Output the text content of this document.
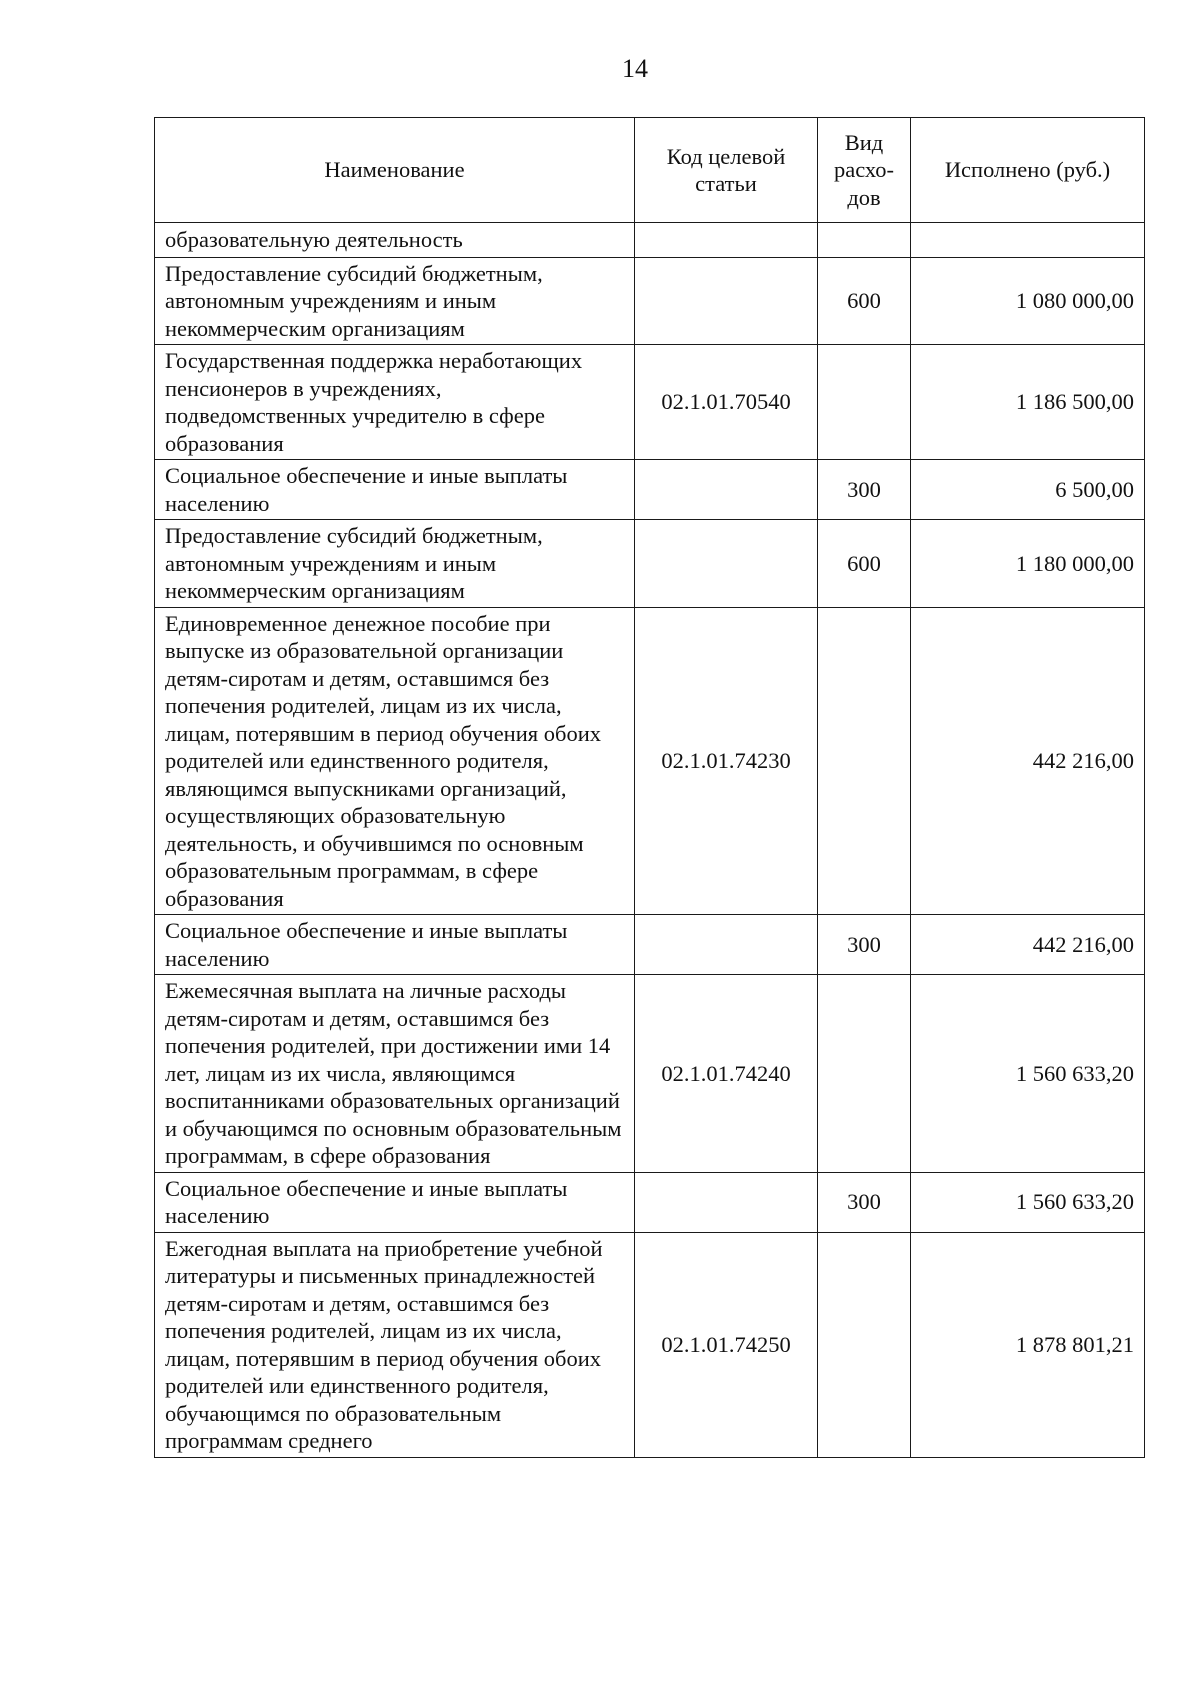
14
Наименование	Код целевой статьи	Вид расхо-дов	Исполнено (руб.)
образовательную деятельность			
Предоставление субсидий бюджетным, автономным учреждениям и иным некоммерческим организациям		600	1 080 000,00
Государственная поддержка неработающих пенсионеров в учреждениях, подведомственных учредителю в сфере образования	02.1.01.70540		1 186 500,00
Социальное обеспечение и иные выплаты населению		300	6 500,00
Предоставление субсидий бюджетным, автономным учреждениям и иным некоммерческим организациям		600	1 180 000,00
Единовременное денежное пособие при выпуске из образовательной организации детям-сиротам и детям, оставшимся без попечения родителей, лицам из их числа, лицам, потерявшим в период обучения обоих родителей или единственного родителя, являющимся выпускниками организаций, осуществляющих образовательную деятельность, и обучившимся по основным образовательным программам, в сфере образования	02.1.01.74230		442 216,00
Социальное обеспечение и иные выплаты населению		300	442 216,00
Ежемесячная выплата на личные расходы детям-сиротам и детям, оставшимся без попечения родителей, при достижении ими 14 лет, лицам из их числа, являющимся воспитанниками образовательных организаций и обучающимся по основным образовательным программам, в сфере образования	02.1.01.74240		1 560 633,20
Социальное обеспечение и иные выплаты населению		300	1 560 633,20
Ежегодная выплата на приобретение учебной литературы и письменных принадлежностей детям-сиротам и детям, оставшимся без попечения родителей, лицам из их числа, лицам, потерявшим в период обучения обоих родителей или единственного родителя, обучающимся по образовательным программам среднего	02.1.01.74250		1 878 801,21
